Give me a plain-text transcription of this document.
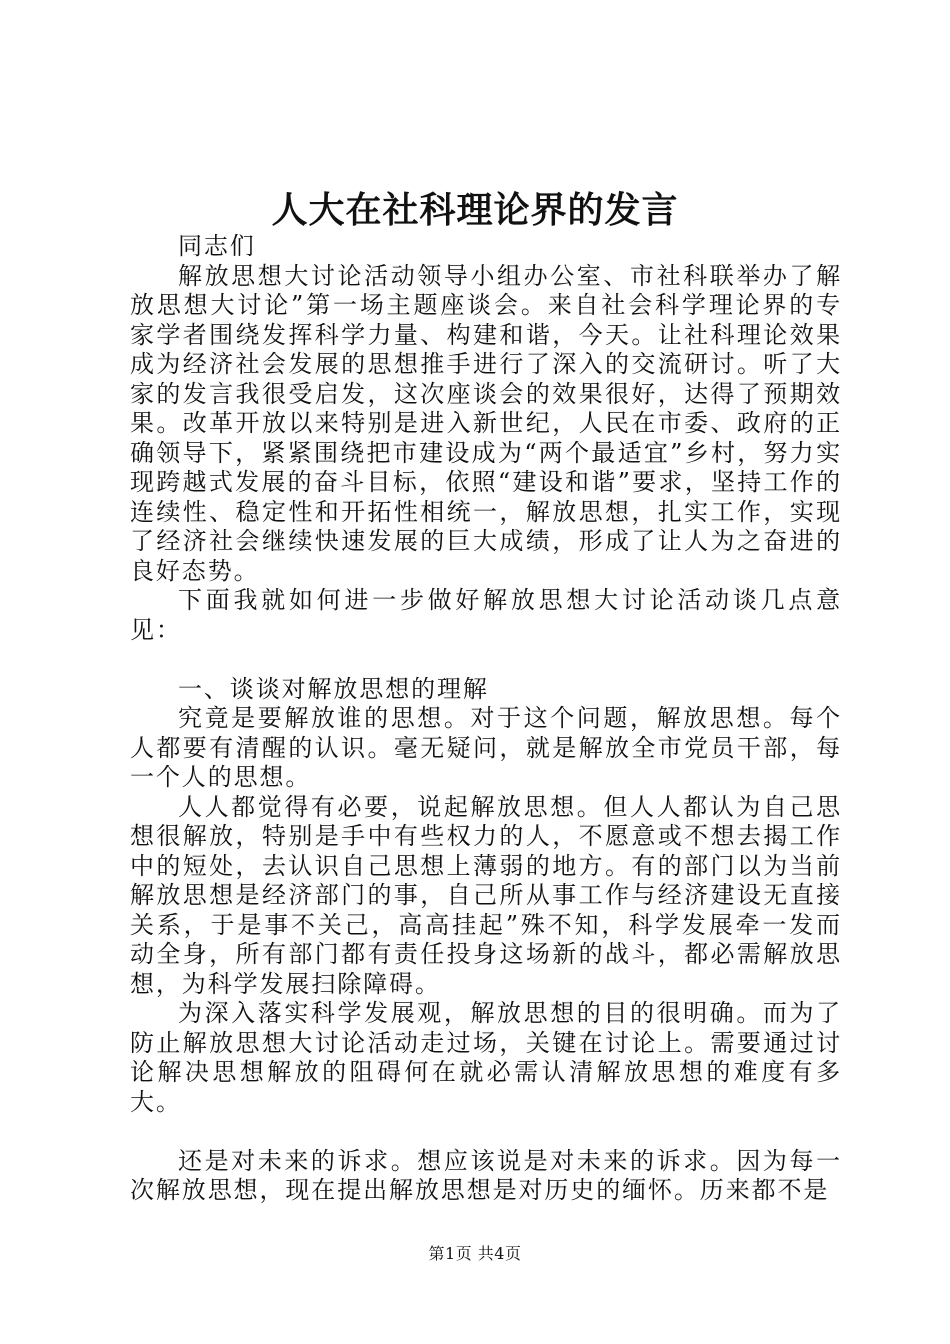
人大在社科理论界的发言

同志们

解放思想大讨论活动领导小组办公室、市社科联举办了解放思想大讨论”第一场主题座谈会。来自社会科学理论界的专家学者围绕发挥科学力量、构建和谐，今天。让社科理论效果成为经济社会发展的思想推手进行了深入的交流研讨。听了大家的发言我很受启发，这次座谈会的效果很好，达得了预期效果。改革开放以来特别是进入新世纪，人民在市委、政府的正确领导下，紧紧围绕把市建设成为“两个最适宜”乡村，努力实现跨越式发展的奋斗目标，依照“建设和谐”要求，坚持工作的连续性、稳定性和开拓性相统一，解放思想，扎实工作，实现了经济社会继续快速发展的巨大成绩，形成了让人为之奋进的良好态势。

下面我就如何进一步做好解放思想大讨论活动谈几点意见：

一、谈谈对解放思想的理解

究竟是要解放谁的思想。对于这个问题，解放思想。每个人都要有清醒的认识。毫无疑问，就是解放全市党员干部，每一个人的思想。

人人都觉得有必要，说起解放思想。但人人都认为自己思想很解放，特别是手中有些权力的人，不愿意或不想去揭工作中的短处，去认识自己思想上薄弱的地方。有的部门以为当前解放思想是经济部门的事，自己所从事工作与经济建设无直接关系，于是事不关己，高高挂起”殊不知，科学发展牵一发而动全身，所有部门都有责任投身这场新的战斗，都必需解放思想，为科学发展扫除障碍。

为深入落实科学发展观，解放思想的目的很明确。而为了防止解放思想大讨论活动走过场，关键在讨论上。需要通过讨论解决思想解放的阻碍何在就必需认清解放思想的难度有多大。

还是对未来的诉求。想应该说是对未来的诉求。因为每一次解放思想，现在提出解放思想是对历史的缅怀。历来都不是

第1页 共4页
